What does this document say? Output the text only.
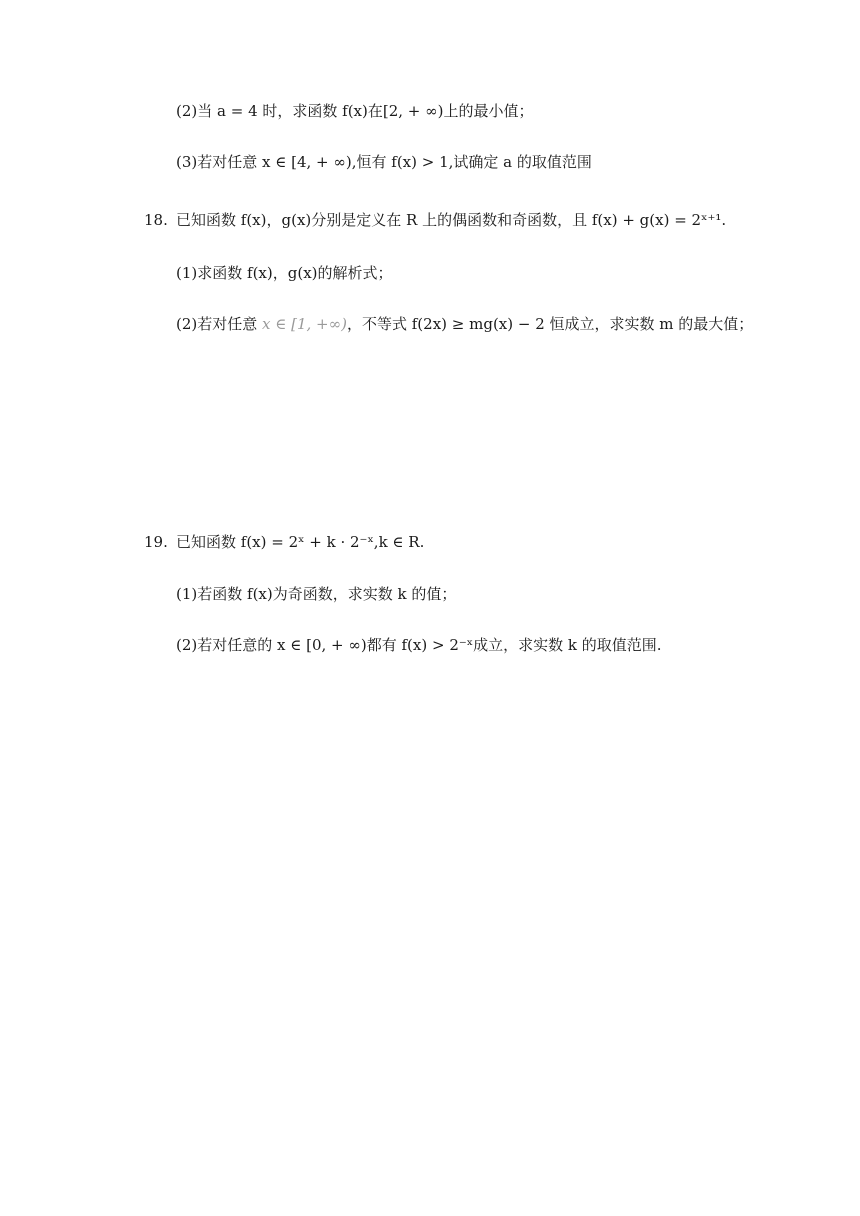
(2)当 a = 4 时，求函数 f(x)在[2, + ∞)上的最小值；
(3)若对任意 x ∈ [4, + ∞),恒有 f(x) > 1,试确定 a 的取值范围
18. 已知函数 f(x)，g(x)分别是定义在 R 上的偶函数和奇函数，且 f(x) + g(x) = 2ˣ⁺¹.
(1)求函数 f(x)，g(x)的解析式；
(2)若对任意 x ∈ [1, +∞)，不等式 f(2x) ≥ mg(x) − 2 恒成立，求实数 m 的最大值；
19. 已知函数 f(x) = 2ˣ + k · 2⁻ˣ,k ∈ R.
(1)若函数 f(x)为奇函数，求实数 k 的值；
(2)若对任意的 x ∈ [0, + ∞)都有 f(x) > 2⁻ˣ成立，求实数 k 的取值范围.
